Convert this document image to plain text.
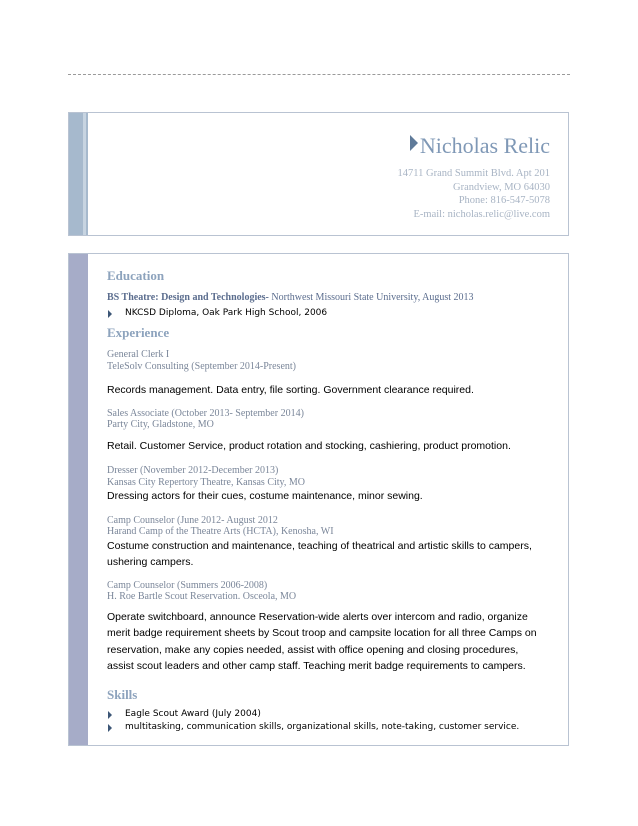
Nicholas Relic
14711 Grand Summit Blvd. Apt 201
Grandview, MO 64030
Phone: 816-547-5078
E-mail: nicholas.relic@live.com
Education
BS Theatre: Design and Technologies- Northwest Missouri State University, August 2013
NKCSD Diploma, Oak Park High School, 2006
Experience
General Clerk I
TeleSolv Consulting (September 2014-Present)
Records management. Data entry, file sorting. Government clearance required.
Sales Associate (October 2013- September 2014)
Party City, Gladstone, MO
Retail. Customer Service, product rotation and stocking, cashiering, product promotion.
Dresser (November 2012-December 2013)
Kansas City Repertory Theatre, Kansas City, MO
Dressing actors for their cues, costume maintenance, minor sewing.
Camp Counselor (June 2012- August 2012
Harand Camp of the Theatre Arts (HCTA), Kenosha, WI
Costume construction and maintenance, teaching of theatrical and artistic skills to campers, ushering campers.
Camp Counselor (Summers 2006-2008)
H. Roe Bartle Scout Reservation. Osceola, MO
Operate switchboard, announce Reservation-wide alerts over intercom and radio, organize merit badge requirement sheets by Scout troop and campsite location for all three Camps on reservation, make any copies needed, assist with office opening and closing procedures, assist scout leaders and other camp staff. Teaching merit badge requirements to campers.
Skills
Eagle Scout Award (July 2004)
multitasking, communication skills, organizational skills, note-taking, customer service.
